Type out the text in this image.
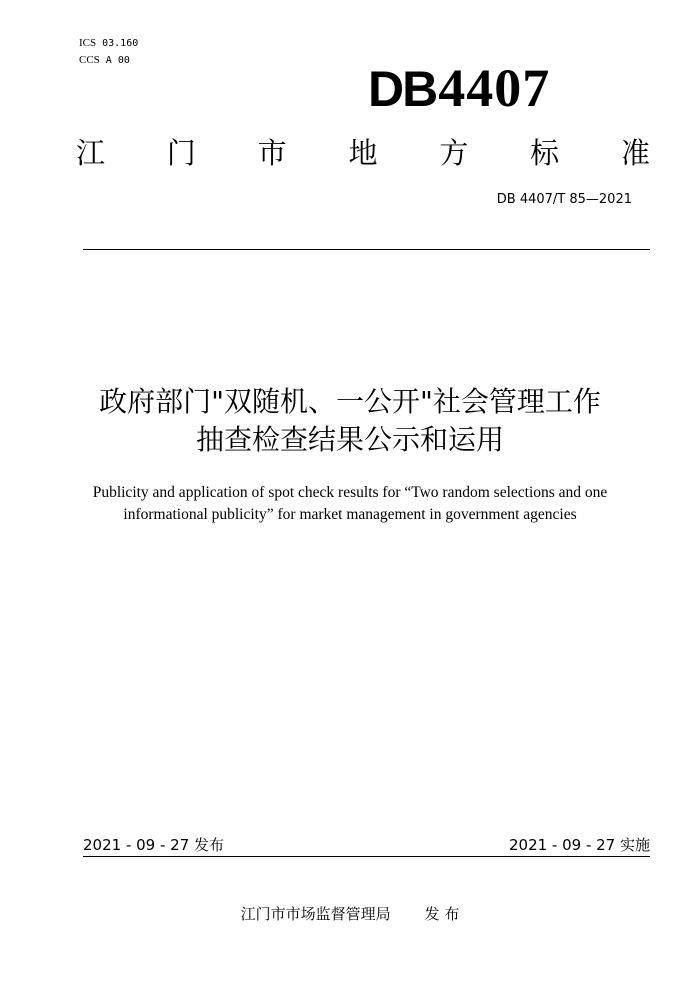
ICS 03.160
CCS A 00
DB4407
江 门 市 地 方 标 准
DB 4407/T 85—2021
政府部门"双随机、一公开"社会管理工作
抽查检查结果公示和运用
Publicity and application of spot check results for “Two random selections and one informational publicity” for market management in government agencies
2021 - 09 - 27 发布	2021 - 09 - 27 实施
江门市市场监督管理局 发 布
